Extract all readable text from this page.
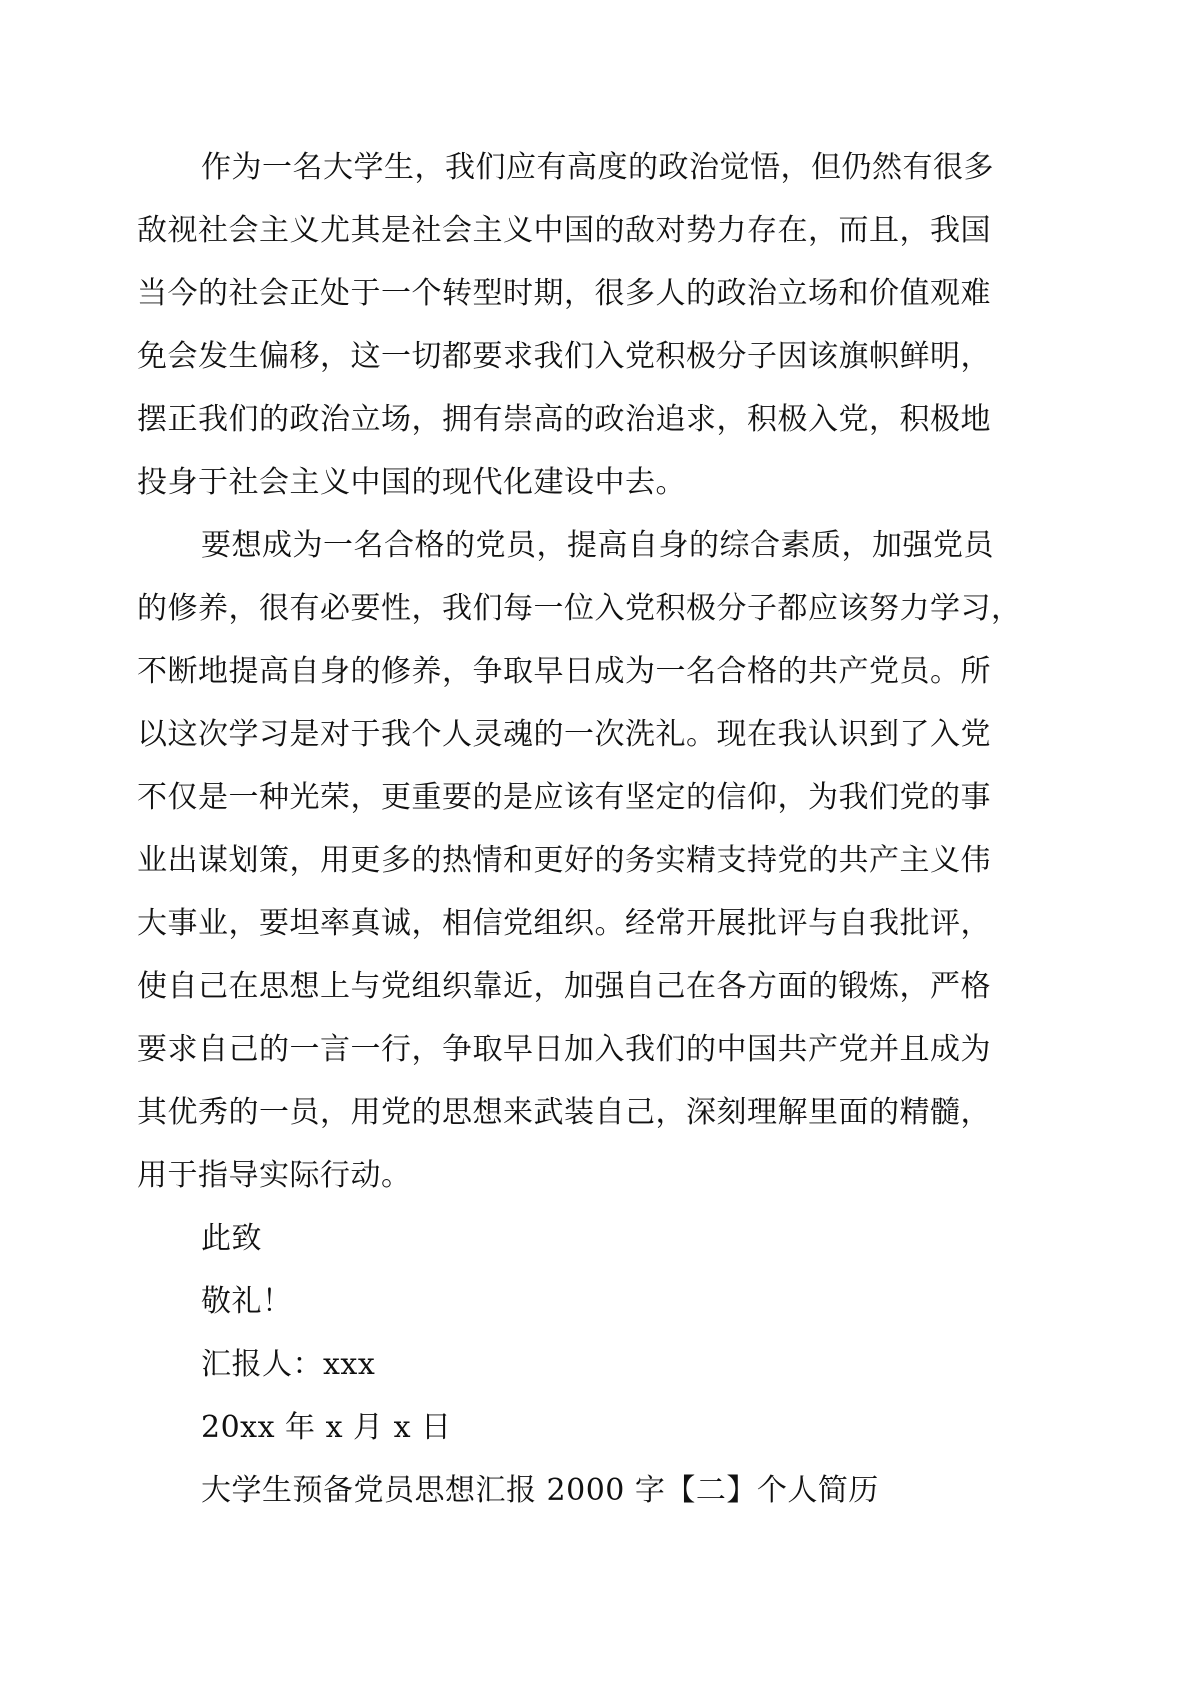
作为一名大学生，我们应有高度的政治觉悟，但仍然有很多
敌视社会主义尤其是社会主义中国的敌对势力存在，而且，我国
当今的社会正处于一个转型时期，很多人的政治立场和价值观难
免会发生偏移，这一切都要求我们入党积极分子因该旗帜鲜明，
摆正我们的政治立场，拥有崇高的政治追求，积极入党，积极地
投身于社会主义中国的现代化建设中去。
要想成为一名合格的党员，提高自身的综合素质，加强党员
的修养，很有必要性，我们每一位入党积极分子都应该努力学习，
不断地提高自身的修养，争取早日成为一名合格的共产党员。所
以这次学习是对于我个人灵魂的一次洗礼。现在我认识到了入党
不仅是一种光荣，更重要的是应该有坚定的信仰，为我们党的事
业出谋划策，用更多的热情和更好的务实精支持党的共产主义伟
大事业，要坦率真诚，相信党组织。经常开展批评与自我批评，
使自己在思想上与党组织靠近，加强自己在各方面的锻炼，严格
要求自己的一言一行，争取早日加入我们的中国共产党并且成为
其优秀的一员，用党的思想来武装自己，深刻理解里面的精髓，
用于指导实际行动。
此致
敬礼！
汇报人：xxx
20xx 年 x 月 x 日
大学生预备党员思想汇报 2000 字【二】个人简历
